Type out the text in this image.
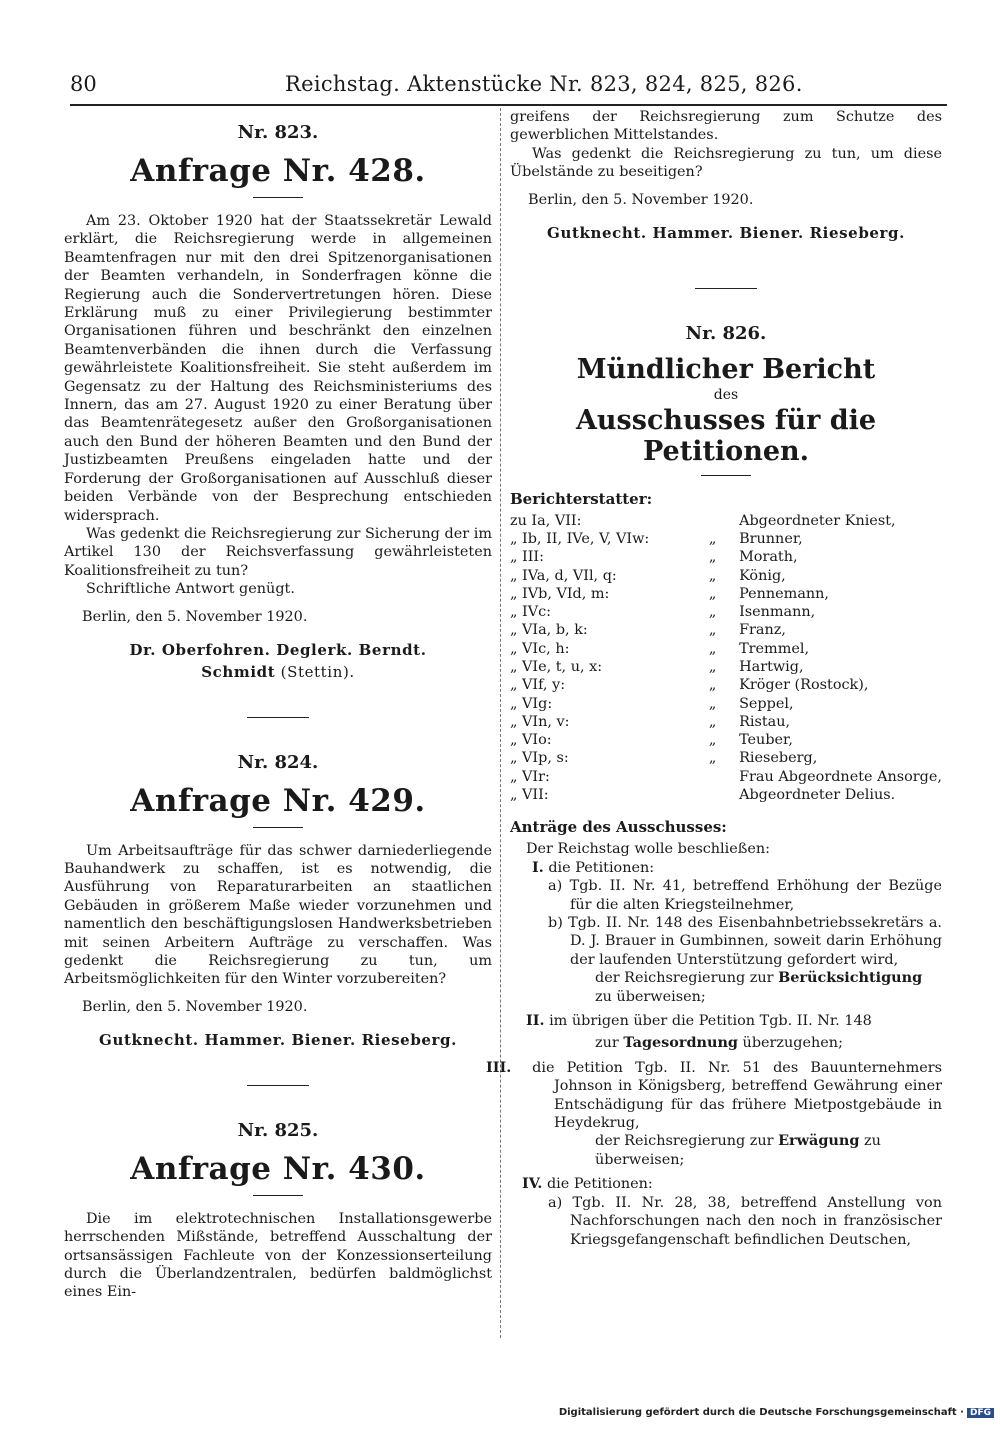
80	Reichstag. Aktenstücke Nr. 823, 824, 825, 826.
Nr. 823.
Anfrage Nr. 428.

Am 23. Oktober 1920 hat der Staatssekretär Lewald erklärt, die Reichsregierung werde in allgemeinen Beamtenfragen nur mit den drei Spitzenorganisationen der Beamten verhandeln, in Sonderfragen könne die Regierung auch die Sondervertretungen hören. Diese Erklärung muß zu einer Privilegierung bestimmter Organisationen führen und beschränkt den einzelnen Beamtenverbänden die ihnen durch die Verfassung gewährleistete Koalitionsfreiheit. Sie steht außerdem im Gegensatz zu der Haltung des Reichsministeriums des Innern, das am 27. August 1920 zu einer Beratung über das Beamtenrätegesetz außer den Großorganisationen auch den Bund der höheren Beamten und den Bund der Justizbeamten Preußens eingeladen hatte und der Forderung der Großorganisationen auf Ausschluß dieser beiden Verbände von der Besprechung entschieden widersprach.

Was gedenkt die Reichsregierung zur Sicherung der im Artikel 130 der Reichsverfassung gewährleisteten Koalitionsfreiheit zu tun?

Schriftliche Antwort genügt.

Berlin, den 5. November 1920.
Dr. Oberfohren. Deglerk. Berndt.
Schmidt (Stettin).
Nr. 824.
Anfrage Nr. 429.

Um Arbeitsaufträge für das schwer darniederliegende Bauhandwerk zu schaffen, ist es notwendig, die Ausführung von Reparaturarbeiten an staatlichen Gebäuden in größerem Maße wieder vorzunehmen und namentlich den beschäftigungslosen Handwerksbetrieben mit seinen Arbeitern Aufträge zu verschaffen. Was gedenkt die Reichsregierung zu tun, um Arbeitsmöglichkeiten für den Winter vorzubereiten?

Berlin, den 5. November 1920.
Gutknecht. Hammer. Biener. Rieseberg.
Nr. 825.
Anfrage Nr. 430.

Die im elektrotechnischen Installationsgewerbe herrschenden Mißstände, betreffend Ausschaltung der ortsansässigen Fachleute von der Konzessionserteilung durch die Überlandzentralen, bedürfen baldmöglichst eines Ein-

greifens der Reichsregierung zum Schutze des gewerblichen Mittelstandes.

Was gedenkt die Reichsregierung zu tun, um diese Übelstände zu beseitigen?

Berlin, den 5. November 1920.
Gutknecht. Hammer. Biener. Rieseberg.
Nr. 826.
Mündlicher Bericht
des
Ausschusses für die Petitionen.
Berichterstatter:
zu Ia, VII:		Abgeordneter Kniest,
„ Ib, II, IVe, V, VIw:	„	Brunner,
„ III:	„	Morath,
„ IVa, d, VIl, q:	„	König,
„ IVb, VId, m:	„	Pennemann,
„ IVc:	„	Isenmann,
„ VIa, b, k:	„	Franz,
„ VIc, h:	„	Tremmel,
„ VIe, t, u, x:	„	Hartwig,
„ VIf, y:	„	Kröger (Rostock),
„ VIg:	„	Seppel,
„ VIn, v:	„	Ristau,
„ VIo:	„	Teuber,
„ VIp, s:	„	Rieseberg,
„ VIr:		Frau Abgeordnete Ansorge,
„ VII:		Abgeordneter Delius.
Anträge des Ausschusses:
Der Reichstag wolle beschließen:
I. die Petitionen:
a) Tgb. II. Nr. 41, betreffend Erhöhung der Bezüge für die alten Kriegsteilnehmer,
b) Tgb. II. Nr. 148 des Eisenbahnbetriebssekretärs a. D. J. Brauer in Gumbinnen, soweit darin Erhöhung der laufenden Unterstützung gefordert wird,
der Reichsregierung zur Berücksichtigung zu überweisen;
II. im übrigen über die Petition Tgb. II. Nr. 148
zur Tagesordnung überzugehen;
III. die Petition Tgb. II. Nr. 51 des Bauunternehmers Johnson in Königsberg, betreffend Gewährung einer Entschädigung für das frühere Mietpostgebäude in Heydekrug,
der Reichsregierung zur Erwägung zu überweisen;
IV. die Petitionen:
a) Tgb. II. Nr. 28, 38, betreffend Anstellung von Nachforschungen nach den noch in französischer Kriegsgefangenschaft befindlichen Deutschen,
Digitalisierung gefördert durch die Deutsche Forschungsgemeinschaft · DFG
